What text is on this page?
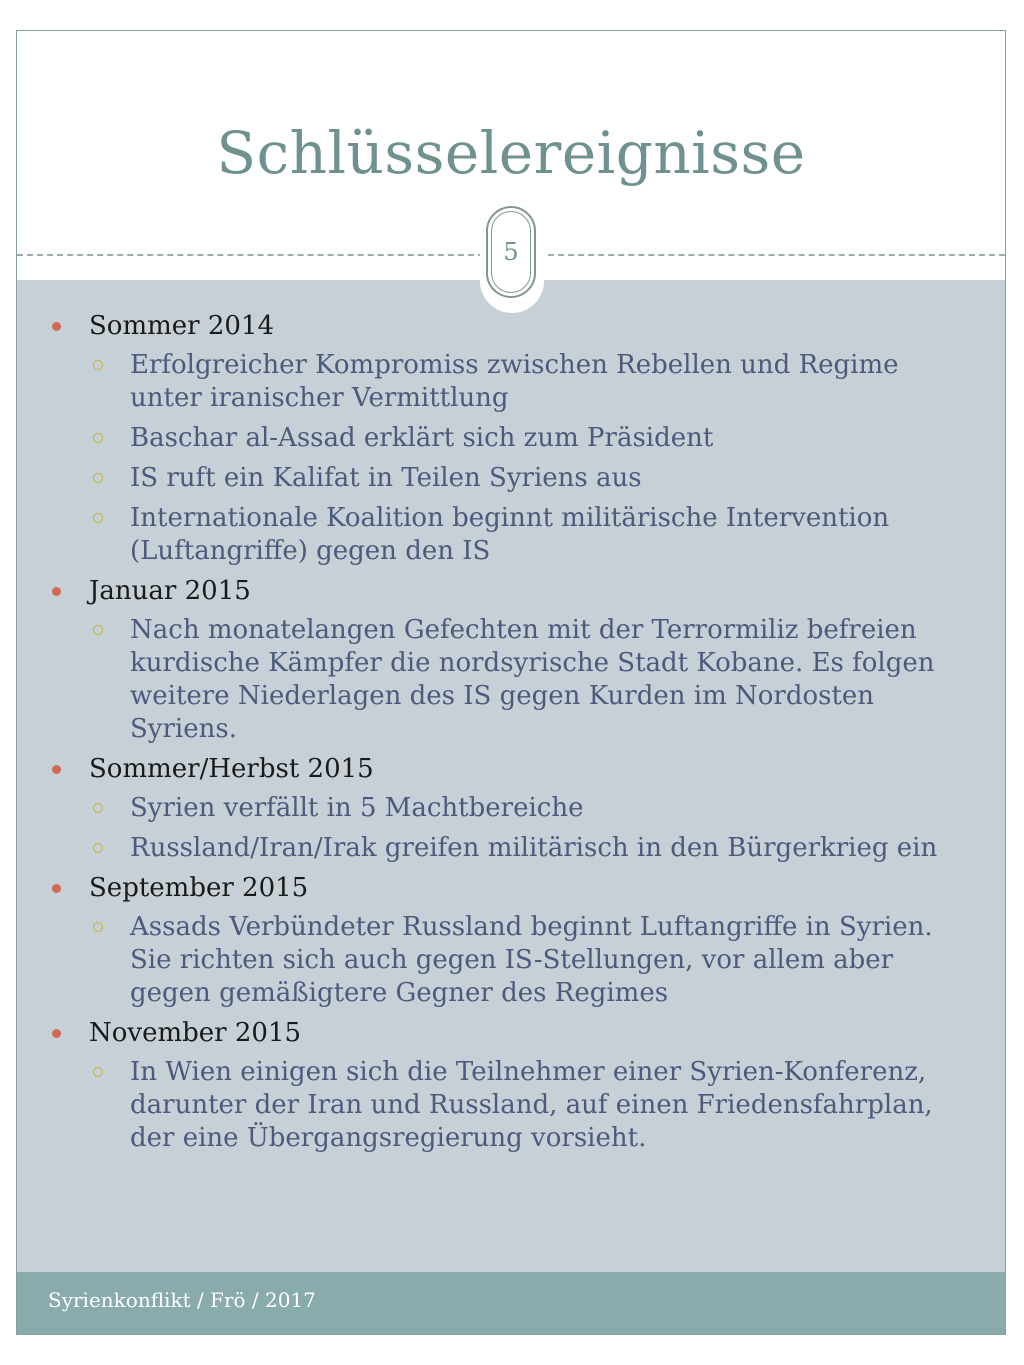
Schlüsselereignisse
Sommer 2014
Erfolgreicher Kompromiss zwischen Rebellen und Regime unter iranischer Vermittlung
Baschar al-Assad erklärt sich zum Präsident
IS ruft ein Kalifat in Teilen Syriens aus
Internationale Koalition beginnt militärische Intervention (Luftangriffe) gegen den IS
Januar 2015
Nach monatelangen Gefechten mit der Terrormiliz befreien kurdische Kämpfer die nordsyrische Stadt Kobane. Es folgen weitere Niederlagen des IS gegen Kurden im Nordosten Syriens.
Sommer/Herbst 2015
Syrien verfällt in 5 Machtbereiche
Russland/Iran/Irak greifen militärisch in den Bürgerkrieg ein
September 2015
Assads Verbündeter Russland beginnt Luftangriffe in Syrien. Sie richten sich auch gegen IS-Stellungen, vor allem aber gegen gemäßigtere Gegner des Regimes
November 2015
In Wien einigen sich die Teilnehmer einer Syrien-Konferenz, darunter der Iran und Russland, auf einen Friedensfahrplan, der eine Übergangsregierung vorsieht.
5
Syrienkonflikt / Frö / 2017
